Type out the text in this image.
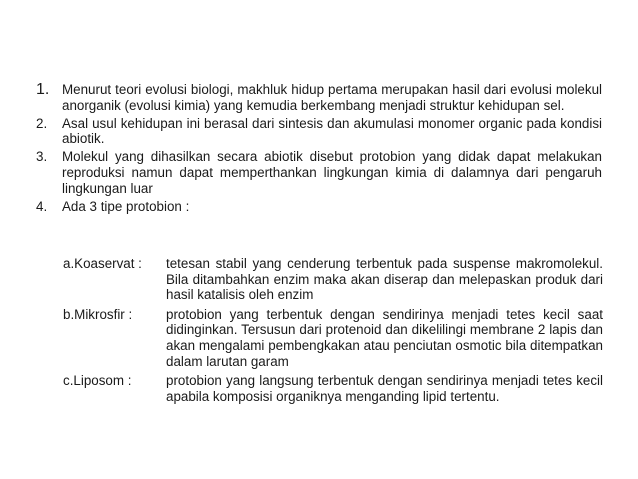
1. Menurut teori evolusi biologi, makhluk hidup pertama merupakan hasil dari evolusi molekul anorganik (evolusi kimia) yang kemudia berkembang menjadi struktur kehidupan sel.
2.	Asal usul kehidupan ini berasal dari sintesis dan akumulasi monomer organic pada kondisi abiotik.
3.	Molekul yang dihasilkan secara abiotik disebut protobion yang didak dapat melakukan reproduksi namun dapat memperthankan lingkungan kimia di dalamnya dari pengaruh lingkungan luar
4.	Ada 3 tipe protobion :
a.Koaservat :	tetesan stabil yang cenderung terbentuk pada suspense makromolekul. Bila ditambahkan enzim maka akan diserap dan melepaskan produk dari hasil katalisis oleh enzim
b.Mikrosfir :	protobion yang terbentuk dengan sendirinya menjadi tetes kecil saat didinginkan. Tersusun dari protenoid dan dikelilingi membrane 2 lapis dan akan mengalami pembengkakan atau penciutan osmotic bila ditempatkan dalam larutan garam
c.Liposom :	protobion yang langsung terbentuk dengan sendirinya menjadi tetes kecil apabila komposisi organiknya menganding lipid tertentu.
